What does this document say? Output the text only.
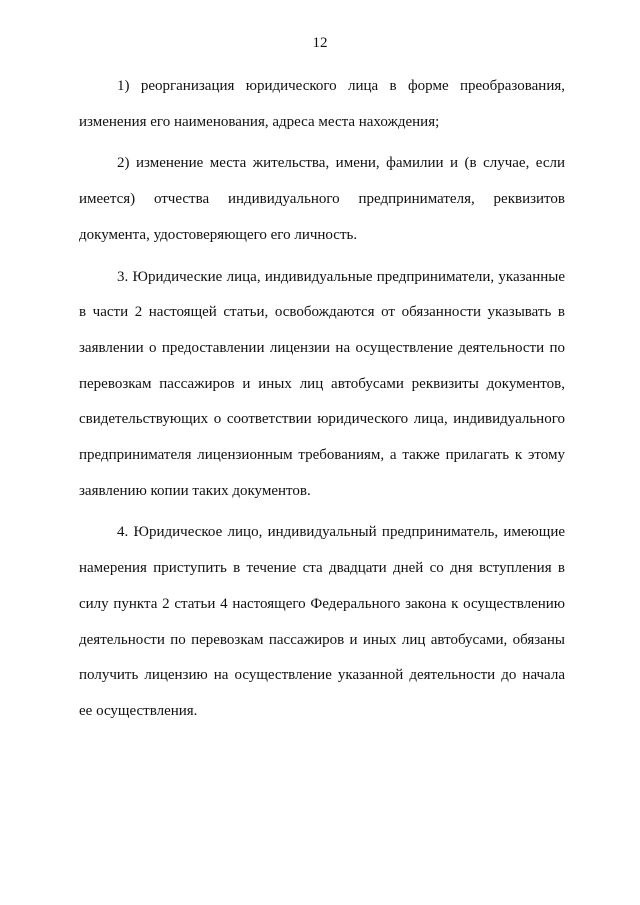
12

1) реорганизация юридического лица в форме преобразования, изменения его наименования, адреса места нахождения;

2) изменение места жительства, имени, фамилии и (в случае, если имеется) отчества индивидуального предпринимателя, реквизитов документа, удостоверяющего его личность.

3. Юридические лица, индивидуальные предприниматели, указанные в части 2 настоящей статьи, освобождаются от обязанности указывать в заявлении о предоставлении лицензии на осуществление деятельности по перевозкам пассажиров и иных лиц автобусами реквизиты документов, свидетельствующих о соответствии юридического лица, индивидуального предпринимателя лицензионным требованиям, а также прилагать к этому заявлению копии таких документов.

4. Юридическое лицо, индивидуальный предприниматель, имеющие намерения приступить в течение ста двадцати дней со дня вступления в силу пункта 2 статьи 4 настоящего Федерального закона к осуществлению деятельности по перевозкам пассажиров и иных лиц автобусами, обязаны получить лицензию на осуществление указанной деятельности до начала ее осуществления.
